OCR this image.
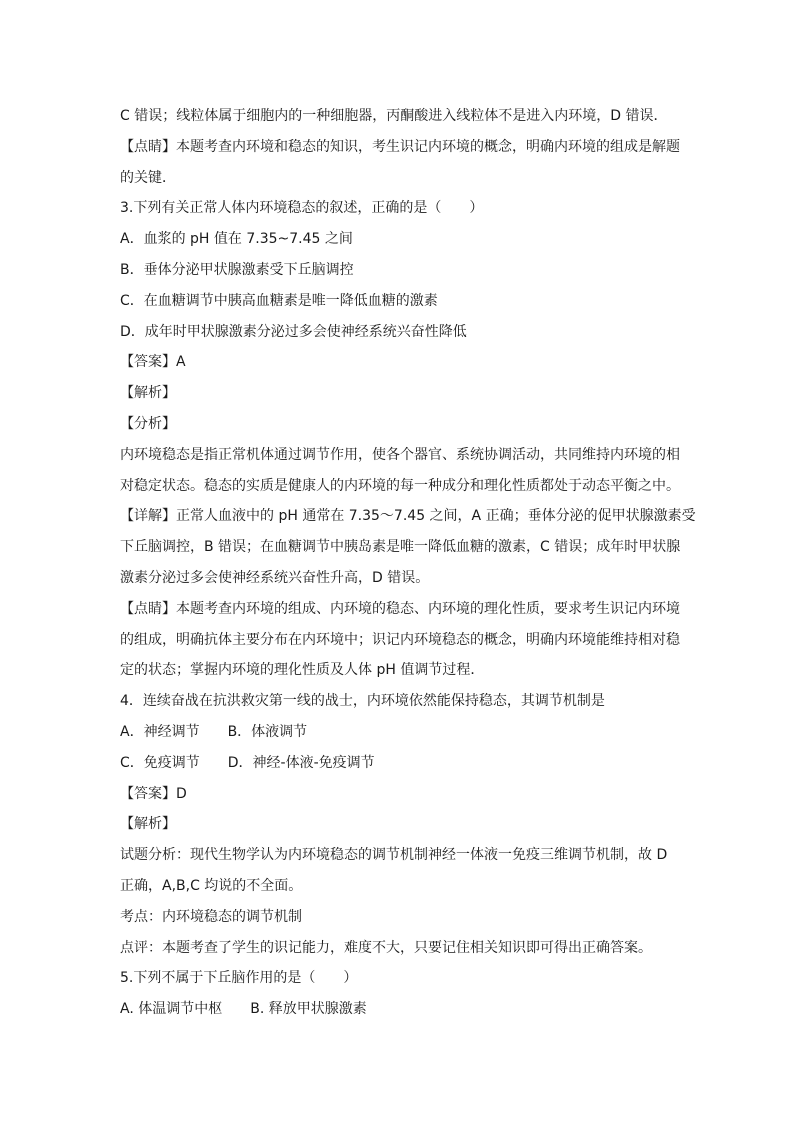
C 错误；线粒体属于细胞内的一种细胞器，丙酮酸进入线粒体不是进入内环境，D 错误．
【点睛】本题考查内环境和稳态的知识，考生识记内环境的概念，明确内环境的组成是解题
的关键．
3.下列有关正常人体内环境稳态的叙述，正确的是（　　）
A．血浆的 pH 值在 7.35~7.45 之间
B．垂体分泌甲状腺激素受下丘脑调控
C．在血糖调节中胰高血糖素是唯一降低血糖的激素
D．成年时甲状腺激素分泌过多会使神经系统兴奋性降低
【答案】A
【解析】
【分析】
内环境稳态是指正常机体通过调节作用，使各个器官、系统协调活动，共同维持内环境的相
对稳定状态。稳态的实质是健康人的内环境的每一种成分和理化性质都处于动态平衡之中。
【详解】正常人血液中的 pH 通常在 7.35～7.45 之间，A 正确；垂体分泌的促甲状腺激素受
下丘脑调控，B 错误；在血糖调节中胰岛素是唯一降低血糖的激素，C 错误；成年时甲状腺
激素分泌过多会使神经系统兴奋性升高，D 错误。
【点睛】本题考查内环境的组成、内环境的稳态、内环境的理化性质，要求考生识记内环境
的组成，明确抗体主要分布在内环境中；识记内环境稳态的概念，明确内环境能维持相对稳
定的状态；掌握内环境的理化性质及人体 pH 值调节过程．
4．连续奋战在抗洪救灾第一线的战士，内环境依然能保持稳态，其调节机制是
A．神经调节 B．体液调节
C．免疫调节 D．神经-体液-免疫调节
【答案】D
【解析】
试题分析：现代生物学认为内环境稳态的调节机制神经一体液一免疫三维调节机制，故 D
正确，A,B,C 均说的不全面。
考点：内环境稳态的调节机制
点评：本题考查了学生的识记能力，难度不大，只要记住相关知识即可得出正确答案。
5.下列不属于下丘脑作用的是（　　）
A. 体温调节中枢 B. 释放甲状腺激素
